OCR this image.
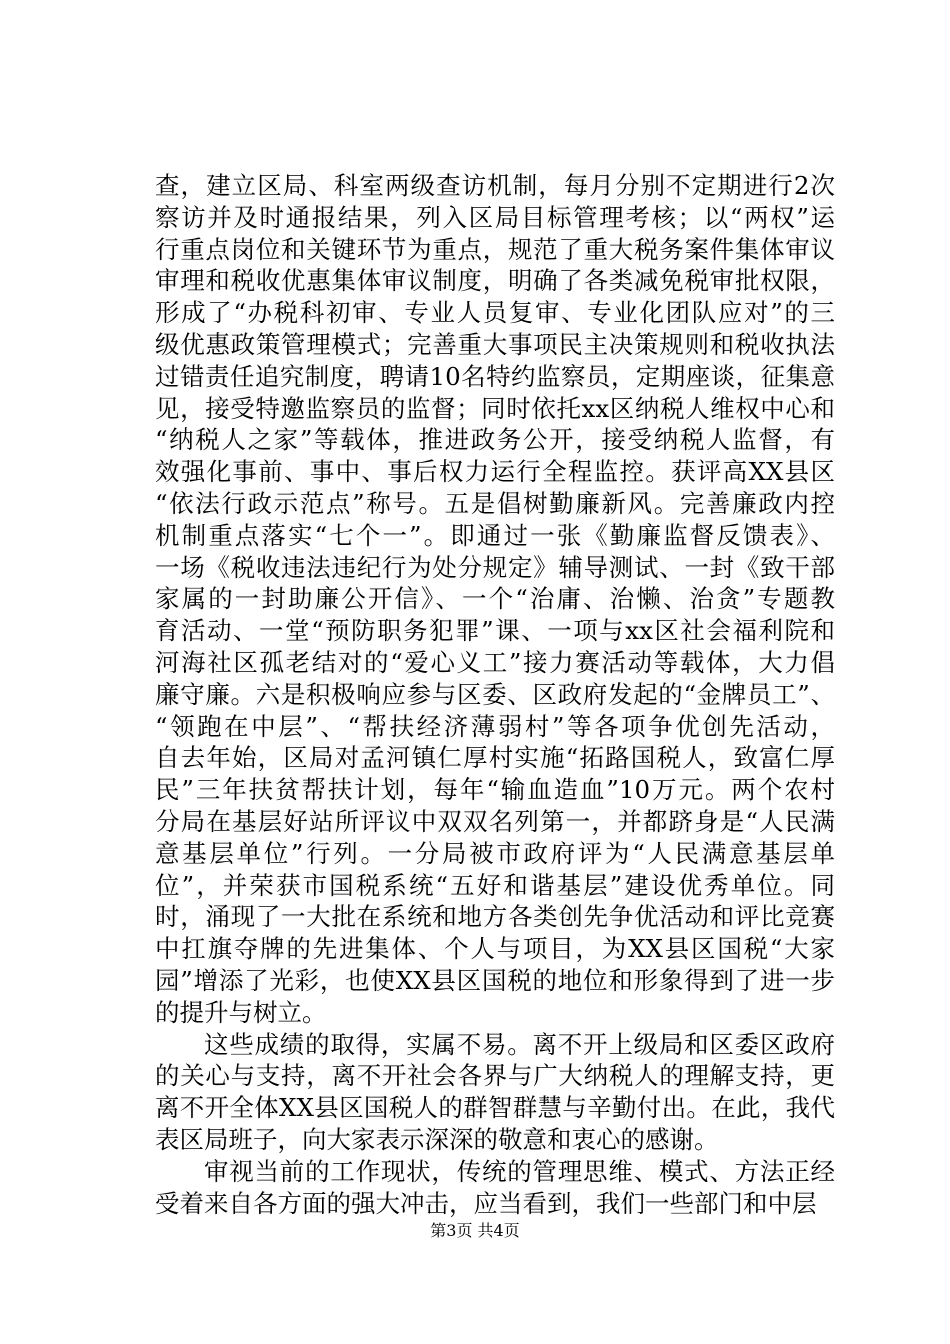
查，建立区局、科室两级查访机制，每月分别不定期进行2次
察访并及时通报结果，列入区局目标管理考核；以“两权”运
行重点岗位和关键环节为重点，规范了重大税务案件集体审议
审理和税收优惠集体审议制度，明确了各类减免税审批权限，
形成了“办税科初审、专业人员复审、专业化团队应对”的三
级优惠政策管理模式；完善重大事项民主决策规则和税收执法
过错责任追究制度，聘请10名特约监察员，定期座谈，征集意
见，接受特邀监察员的监督；同时依托xx区纳税人维权中心和
“纳税人之家”等载体，推进政务公开，接受纳税人监督，有
效强化事前、事中、事后权力运行全程监控。获评高XX县区
“依法行政示范点”称号。五是倡树勤廉新风。完善廉政内控
机制重点落实“七个一”。即通过一张《勤廉监督反馈表》、
一场《税收违法违纪行为处分规定》辅导测试、一封《致干部
家属的一封助廉公开信》、一个“治庸、治懒、治贪”专题教
育活动、一堂“预防职务犯罪”课、一项与xx区社会福利院和
河海社区孤老结对的“爱心义工”接力赛活动等载体，大力倡
廉守廉。六是积极响应参与区委、区政府发起的“金牌员工”、
“领跑在中层”、“帮扶经济薄弱村”等各项争优创先活动，
自去年始，区局对孟河镇仁厚村实施“拓路国税人，致富仁厚
民”三年扶贫帮扶计划，每年“输血造血”10万元。两个农村
分局在基层好站所评议中双双名列第一，并都跻身是“人民满
意基层单位”行列。一分局被市政府评为“人民满意基层单
位”，并荣获市国税系统“五好和谐基层”建设优秀单位。同
时，涌现了一大批在系统和地方各类创先争优活动和评比竞赛
中扛旗夺牌的先进集体、个人与项目，为XX县区国税“大家
园”增添了光彩，也使XX县区国税的地位和形象得到了进一步
的提升与树立。
这些成绩的取得，实属不易。离不开上级局和区委区政府
的关心与支持，离不开社会各界与广大纳税人的理解支持，更
离不开全体XX县区国税人的群智群慧与辛勤付出。在此，我代
表区局班子，向大家表示深深的敬意和衷心的感谢。
审视当前的工作现状，传统的管理思维、模式、方法正经
受着来自各方面的强大冲击，应当看到，我们一些部门和中层
第3页 共4页
